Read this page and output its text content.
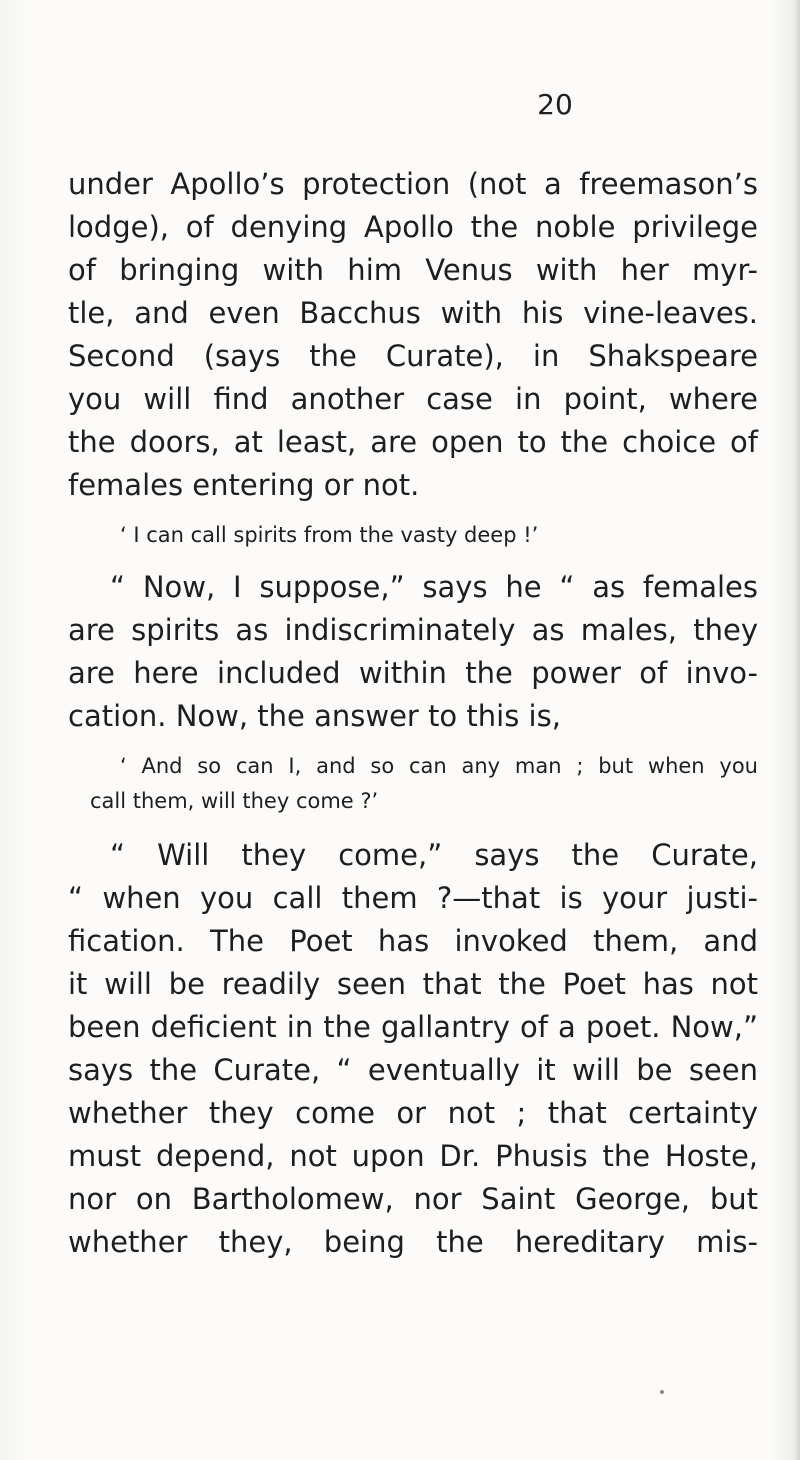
20
under Apollo’s protection (not a freemason’s
lodge), of denying Apollo the noble privilege
of bringing with him Venus with her myr-
tle, and even Bacchus with his vine-leaves.
Second (says the Curate), in Shakspeare
you will find another case in point, where
the doors, at least, are open to the choice of
females entering or not.
‘ I can call spirits from the vasty deep !’
“ Now, I suppose,” says he “ as females
are spirits as indiscriminately as males, they
are here included within the power of invo-
cation. Now, the answer to this is,
‘ And so can I, and so can any man ; but when you
call them, will they come ?’
“ Will they come,” says the Curate,
“ when you call them ?—that is your justi-
fication. The Poet has invoked them, and
it will be readily seen that the Poet has not
been deficient in the gallantry of a poet. Now,”
says the Curate, “ eventually it will be seen
whether they come or not ; that certainty
must depend, not upon Dr. Phusis the Hoste,
nor on Bartholomew, nor Saint George, but
whether they, being the hereditary mis-
